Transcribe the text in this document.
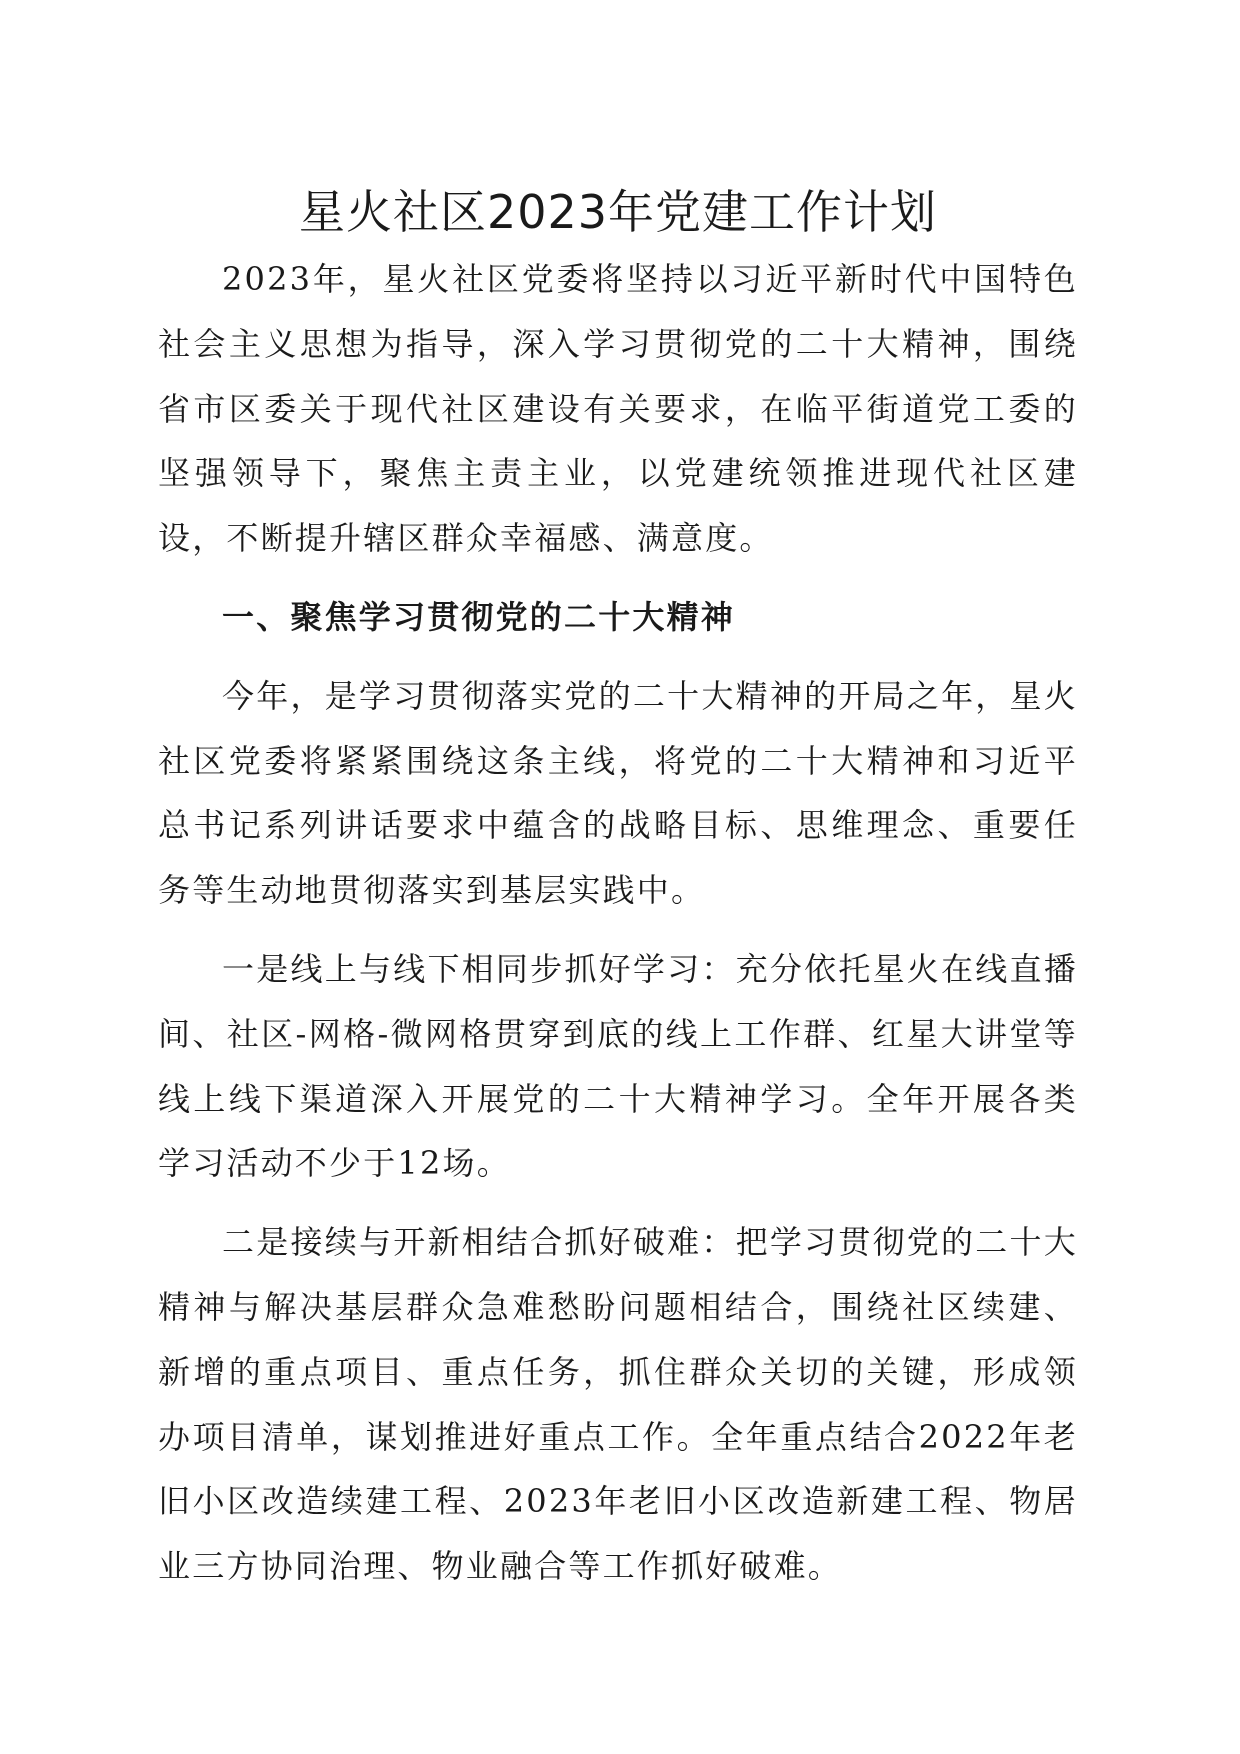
星火社区2023年党建工作计划

2023年，星火社区党委将坚持以习近平新时代中国特色社会主义思想为指导，深入学习贯彻党的二十大精神，围绕省市区委关于现代社区建设有关要求，在临平街道党工委的坚强领导下，聚焦主责主业，以党建统领推进现代社区建设，不断提升辖区群众幸福感、满意度。

一、聚焦学习贯彻党的二十大精神

今年，是学习贯彻落实党的二十大精神的开局之年，星火社区党委将紧紧围绕这条主线，将党的二十大精神和习近平总书记系列讲话要求中蕴含的战略目标、思维理念、重要任务等生动地贯彻落实到基层实践中。

一是线上与线下相同步抓好学习：充分依托星火在线直播间、社区-网格-微网格贯穿到底的线上工作群、红星大讲堂等线上线下渠道深入开展党的二十大精神学习。全年开展各类学习活动不少于12场。

二是接续与开新相结合抓好破难：把学习贯彻党的二十大精神与解决基层群众急难愁盼问题相结合，围绕社区续建、新增的重点项目、重点任务，抓住群众关切的关键，形成领办项目清单，谋划推进好重点工作。全年重点结合2022年老旧小区改造续建工程、2023年老旧小区改造新建工程、物居业三方协同治理、物业融合等工作抓好破难。
